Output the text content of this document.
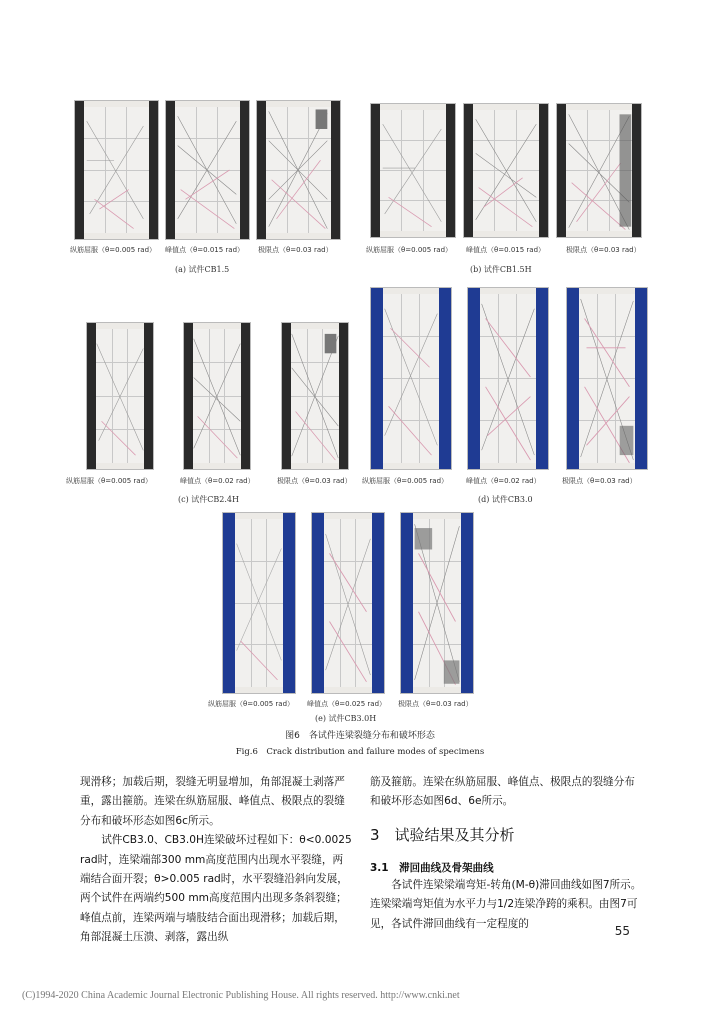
纵筋屈服（θ=0.005 rad） 峰值点（θ=0.015 rad） 极限点（θ=0.03 rad）
(a) 试件CB1.5
纵筋屈服（θ=0.005 rad） 峰值点（θ=0.015 rad）	极限点（θ=0.03 rad）
(b) 试件CB1.5H
纵筋屈服（θ=0.005 rad）	峰值点（θ=0.02 rad）	极限点（θ=0.03 rad）
(c) 试件CB2.4H
纵筋屈服（θ=0.005 rad）	峰值点（θ=0.02 rad）	极限点（θ=0.03 rad）
(d) 试件CB3.0
纵筋屈服（θ=0.005 rad） 峰值点（θ=0.025 rad） 极限点（θ=0.03 rad）
(e) 试件CB3.0H
图6　各试件连梁裂缝分布和破坏形态
Fig.6　Crack distribution and failure modes of specimens

现滑移；加载后期，裂缝无明显增加，角部混凝土剥落严重，露出箍筋。连梁在纵筋屈服、峰值点、极限点的裂缝分布和破坏形态如图6c所示。

试件CB3.0、CB3.0H连梁破坏过程如下：θ<0.0025 rad时，连梁端部300 mm高度范围内出现水平裂缝，两端结合面开裂；θ>0.005 rad时，水平裂缝沿斜向发展，两个试件在两端约500 mm高度范围内出现多条斜裂缝；峰值点前，连梁两端与墙肢结合面出现滑移；加载后期，角部混凝土压溃、剥落，露出纵

筋及箍筋。连梁在纵筋屈服、峰值点、极限点的裂缝分布和破坏形态如图6d、6e所示。
3　试验结果及其分析
3.1　滞回曲线及骨架曲线
各试件连梁梁端弯矩-转角(M-θ)滞回曲线如图7所示。连梁梁端弯矩值为水平力与1/2连梁净跨的乘积。由图7可见，各试件滞回曲线有一定程度的
55
(C)1994-2020 China Academic Journal Electronic Publishing House. All rights reserved. http://www.cnki.net
